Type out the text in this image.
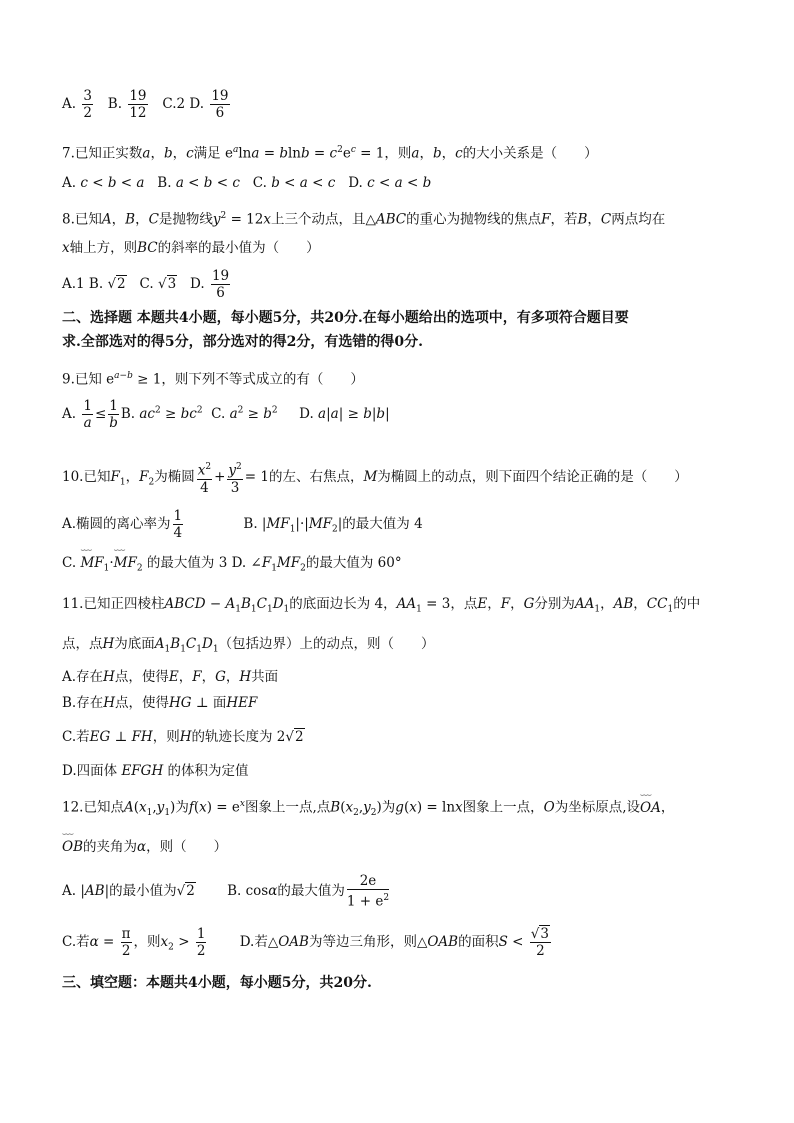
A. $\frac{3}{2} B$. $\frac{19}{12} C.2$ D. $\frac{19}{6}$
7.已知正实数a，b，c满足 $e^a\ln a = blnb = c^2e^c = 1$，则a，b，c的大小关系是（　　）
A. c < b < a   B. a < b < c   C. b < a < c   D. c < a < b
8.已知A，B，C是抛物线$y^2 = 12x$上三个动点，且△ABC的重心为抛物线的焦点F，若B，C两点均在
x轴上方，则BC的斜率的最小值为（　　）
A.1 B. √2   C. √3   D. $\frac{19}{6}$
二、选择题 本题共4小题，每小题5分，共20分.在每小题给出的选项中，有多项符合题目要
求.全部选对的得5分，部分选对的得2分，有选错的得0分.
9.已知 $e^{a-b} \ge 1$，则下列不等式成立的有（　　）
A. $\frac{1}{a} \le \frac{1}{b} B$. $ac^2 \ge bc^2$  C. $a^2 \ge b^2$     D. a|a| ≥ b|b|
10.已知$F_1$，$F_2$为椭圆 $\frac{x^2}{4} + \frac{y^2}{3} = 1$的左、右焦点，M为椭圆上的动点，则下面四个结论正确的是（　　）
A.椭圆的离心率为 $\frac{1}{4}$ 　　　　 B. $|MF_1|\cdot|MF_2|$的最大值为 4
C. ⌣⌣⌣ $MF_1\cdot⌣⌣⌣$ $MF_2$ 的最大值为 3 D. $\angle F_1MF_2$的最大值为 60°
11.已知正四棱柱ABCD − $A_1B_1C_1D_1$的底面边长为 4，$AA_1 = 3$，点E，F，G分别为$AA_1$，AB，$CC_1$的中
点，点H为底面$A_1B_1C_1D_1$（包括边界）上的动点，则（　　）
A.存在H点，使得E，F，G，H共面
B.存在H点，使得HG ⊥ 面HEF
C.若EG ⊥ FH，则H的轨迹长度为 2√2
D.四面体 EFGH 的体积为定值
12.已知点$A(x_1,y_1)$为$f(x) = e^x$图象上一点,点$B(x_2,y_2)$为g(x) = lnx图象上一点，O为坐标原点,设⌣⌣⌣ OA，
⌣⌣⌣ OB的夹角为α，则（　　）
A. |AB|的最小值为√2　　 B. cosα的最大值为 $\frac{2e}{1 + e^2}$
C.若$\alpha = \frac{\pi}{2}$ ，则$x_2 > \frac{1}{2}$ 　　 D.若△OAB为等边三角形，则△OAB的面积$S < \frac{√3}{2}$
三、填空题：本题共4小题，每小题5分，共20分.
